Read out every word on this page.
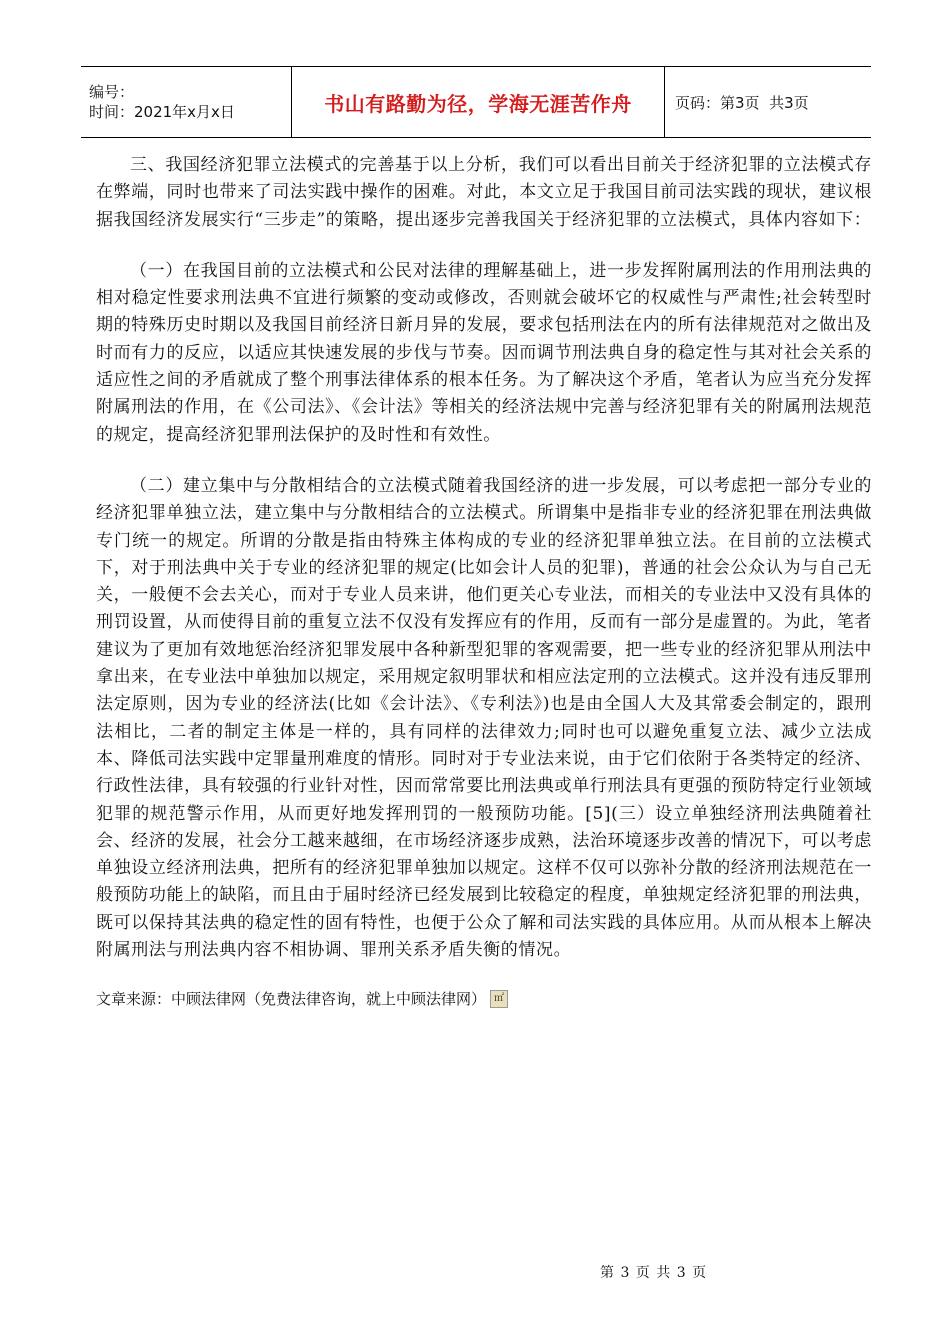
编号：
时间：2021年x月x日	书山有路勤为径，学海无涯苦作舟	页码：第3页  共3页

三、我国经济犯罪立法模式的完善基于以上分析，我们可以看出目前关于经济犯罪的立法模式存在弊端，同时也带来了司法实践中操作的困难。对此，本文立足于我国目前司法实践的现状，建议根据我国经济发展实行“三步走”的策略，提出逐步完善我国关于经济犯罪的立法模式，具体内容如下：

（一）在我国目前的立法模式和公民对法律的理解基础上，进一步发挥附属刑法的作用刑法典的相对稳定性要求刑法典不宜进行频繁的变动或修改，否则就会破坏它的权威性与严肃性;社会转型时期的特殊历史时期以及我国目前经济日新月异的发展，要求包括刑法在内的所有法律规范对之做出及时而有力的反应，以适应其快速发展的步伐与节奏。因而调节刑法典自身的稳定性与其对社会关系的适应性之间的矛盾就成了整个刑事法律体系的根本任务。为了解决这个矛盾，笔者认为应当充分发挥附属刑法的作用，在《公司法》、《会计法》等相关的经济法规中完善与经济犯罪有关的附属刑法规范的规定，提高经济犯罪刑法保护的及时性和有效性。

（二）建立集中与分散相结合的立法模式随着我国经济的进一步发展，可以考虑把一部分专业的经济犯罪单独立法，建立集中与分散相结合的立法模式。所谓集中是指非专业的经济犯罪在刑法典做专门统一的规定。所谓的分散是指由特殊主体构成的专业的经济犯罪单独立法。在目前的立法模式下，对于刑法典中关于专业的经济犯罪的规定(比如会计人员的犯罪)，普通的社会公众认为与自己无关，一般便不会去关心，而对于专业人员来讲，他们更关心专业法，而相关的专业法中又没有具体的刑罚设置，从而使得目前的重复立法不仅没有发挥应有的作用，反而有一部分是虚置的。为此，笔者建议为了更加有效地惩治经济犯罪发展中各种新型犯罪的客观需要，把一些专业的经济犯罪从刑法中拿出来，在专业法中单独加以规定，采用规定叙明罪状和相应法定刑的立法模式。这并没有违反罪刑法定原则，因为专业的经济法(比如《会计法》、《专利法》)也是由全国人大及其常委会制定的，跟刑法相比，二者的制定主体是一样的，具有同样的法律效力;同时也可以避免重复立法、减少立法成本、降低司法实践中定罪量刑难度的情形。同时对于专业法来说，由于它们依附于各类特定的经济、行政性法律，具有较强的行业针对性，因而常常要比刑法典或单行刑法具有更强的预防特定行业领域犯罪的规范警示作用，从而更好地发挥刑罚的一般预防功能。[5](三）设立单独经济刑法典随着社会、经济的发展，社会分工越来越细，在市场经济逐步成熟，法治环境逐步改善的情况下，可以考虑单独设立经济刑法典，把所有的经济犯罪单独加以规定。这样不仅可以弥补分散的经济刑法规范在一般预防功能上的缺陷，而且由于届时经济已经发展到比较稳定的程度，单独规定经济犯罪的刑法典，既可以保持其法典的稳定性的固有特性，也便于公众了解和司法实践的具体应用。从而从根本上解决附属刑法与刑法典内容不相协调、罪刑关系矛盾失衡的情况。

文章来源：中顾法律网（免费法律咨询，就上中顾法律网） ㎡
第 3 页 共 3 页
